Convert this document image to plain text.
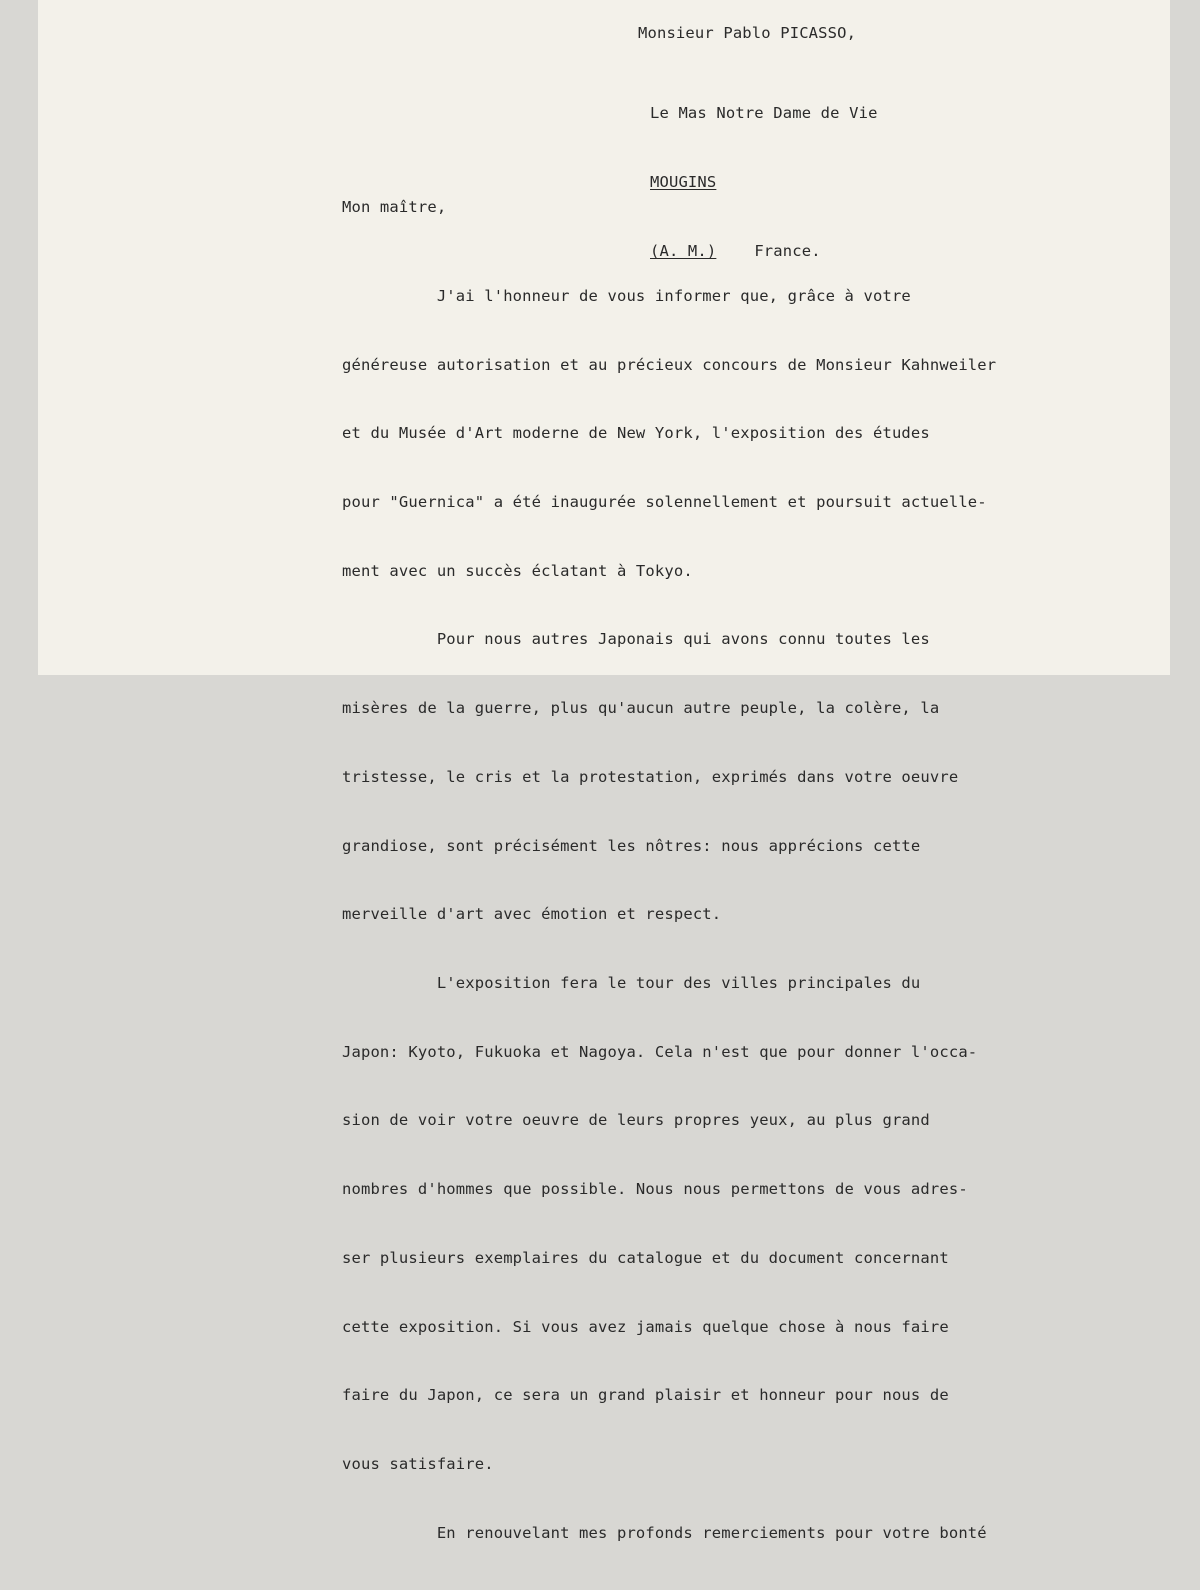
Monsieur Pablo PICASSO,

Le Mas Notre Dame de Vie

MOUGINS

(A. M.) France.

Mon maître,

J'ai l'honneur de vous informer que, grâce à votre

généreuse autorisation et au précieux concours de Monsieur Kahnweiler

et du Musée d'Art moderne de New York, l'exposition des études

pour "Guernica" a été inaugurée solennellement et poursuit actuelle-

ment avec un succès éclatant à Tokyo.

Pour nous autres Japonais qui avons connu toutes les

misères de la guerre, plus qu'aucun autre peuple, la colère, la

tristesse, le cris et la protestation, exprimés dans votre oeuvre

grandiose, sont précisément les nôtres: nous apprécions cette

merveille d'art avec émotion et respect.

L'exposition fera le tour des villes principales du

Japon: Kyoto, Fukuoka et Nagoya. Cela n'est que pour donner l'occa-

sion de voir votre oeuvre de leurs propres yeux, au plus grand

nombres d'hommes que possible. Nous nous permettons de vous adres-

ser plusieurs exemplaires du catalogue et du document concernant

cette exposition. Si vous avez jamais quelque chose à nous faire

faire du Japon, ce sera un grand plaisir et honneur pour nous de

vous satisfaire.

En renouvelant mes profonds remerciements pour votre bonté
